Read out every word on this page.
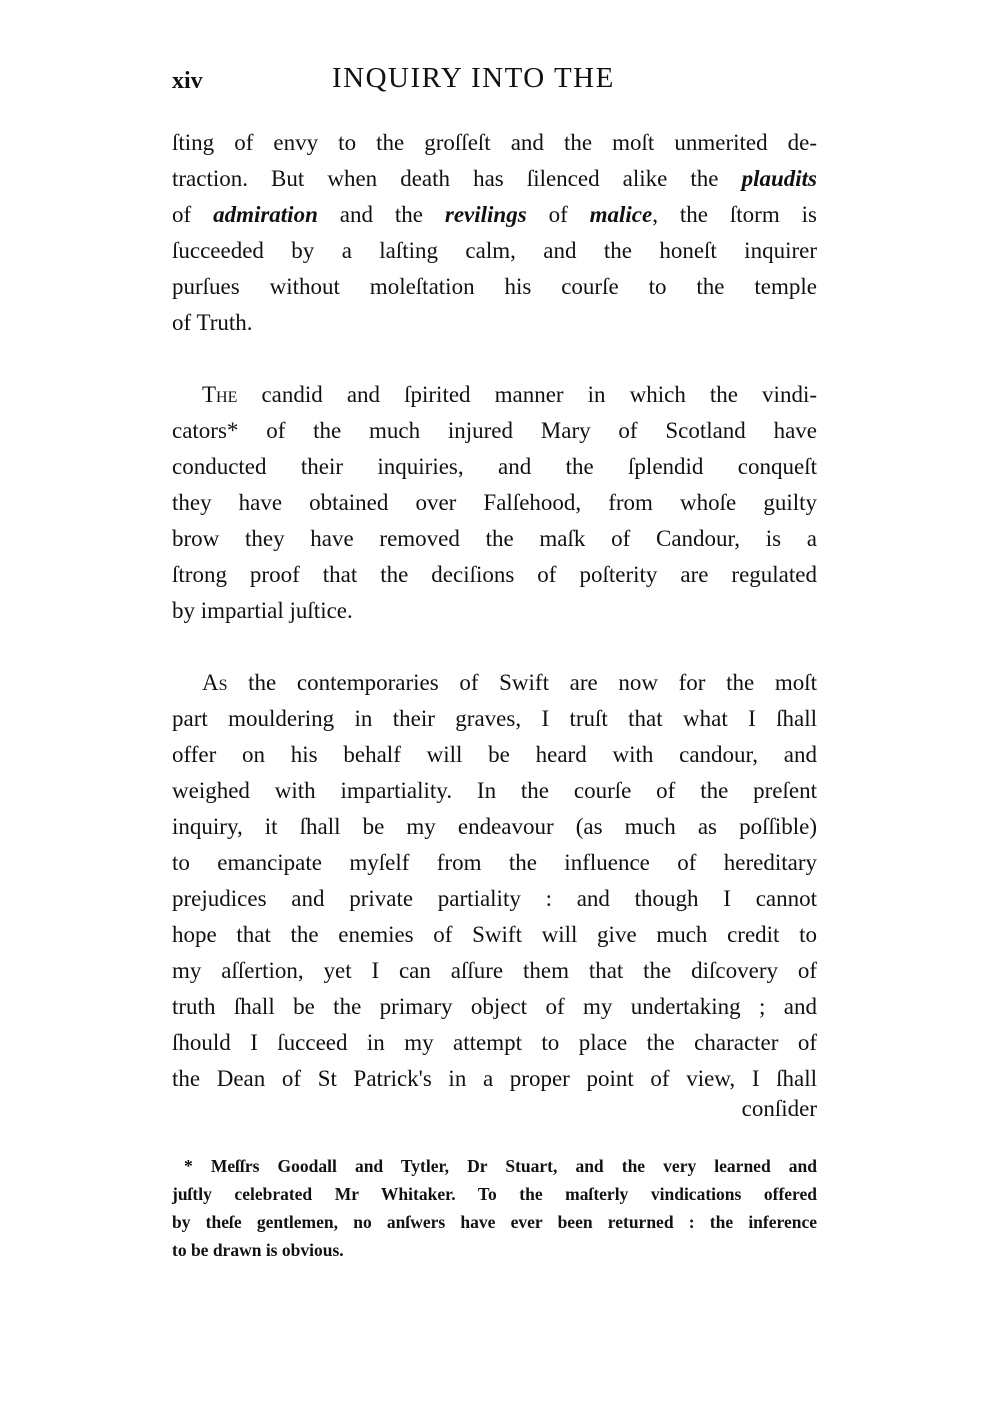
xiv	INQUIRY INTO THE
ſting of envy to the groſſeſt and the moſt unmerited de-
traction. But when death has ſilenced alike the plaudits
of admiration and the revilings of malice, the ſtorm is
ſucceeded by a laſting calm, and the honeſt inquirer
purſues without moleſtation his courſe to the temple
of Truth.
The candid and ſpirited manner in which the vindi-
cators* of the much injured Mary of Scotland have
conducted their inquiries, and the ſplendid conqueſt
they have obtained over Falſehood, from whoſe guilty
brow they have removed the maſk of Candour, is a
ſtrong proof that the deciſions of poſterity are regulated
by impartial juſtice.
As the contemporaries of Swift are now for the moſt
part mouldering in their graves, I truſt that what I ſhall
offer on his behalf will be heard with candour, and
weighed with impartiality. In the courſe of the preſent
inquiry, it ſhall be my endeavour (as much as poſſible)
to emancipate myſelf from the influence of hereditary
prejudices and private partiality : and though I cannot
hope that the enemies of Swift will give much credit to
my aſſertion, yet I can aſſure them that the diſcovery of
truth ſhall be the primary object of my undertaking ; and
ſhould I ſucceed in my attempt to place the character of
the Dean of St Patrick's in a proper point of view, I ſhall
conſider
* Meſſrs Goodall and Tytler, Dr Stuart, and the very learned and
juſtly celebrated Mr Whitaker. To the maſterly vindications offered
by theſe gentlemen, no anſwers have ever been returned : the inference
to be drawn is obvious.
